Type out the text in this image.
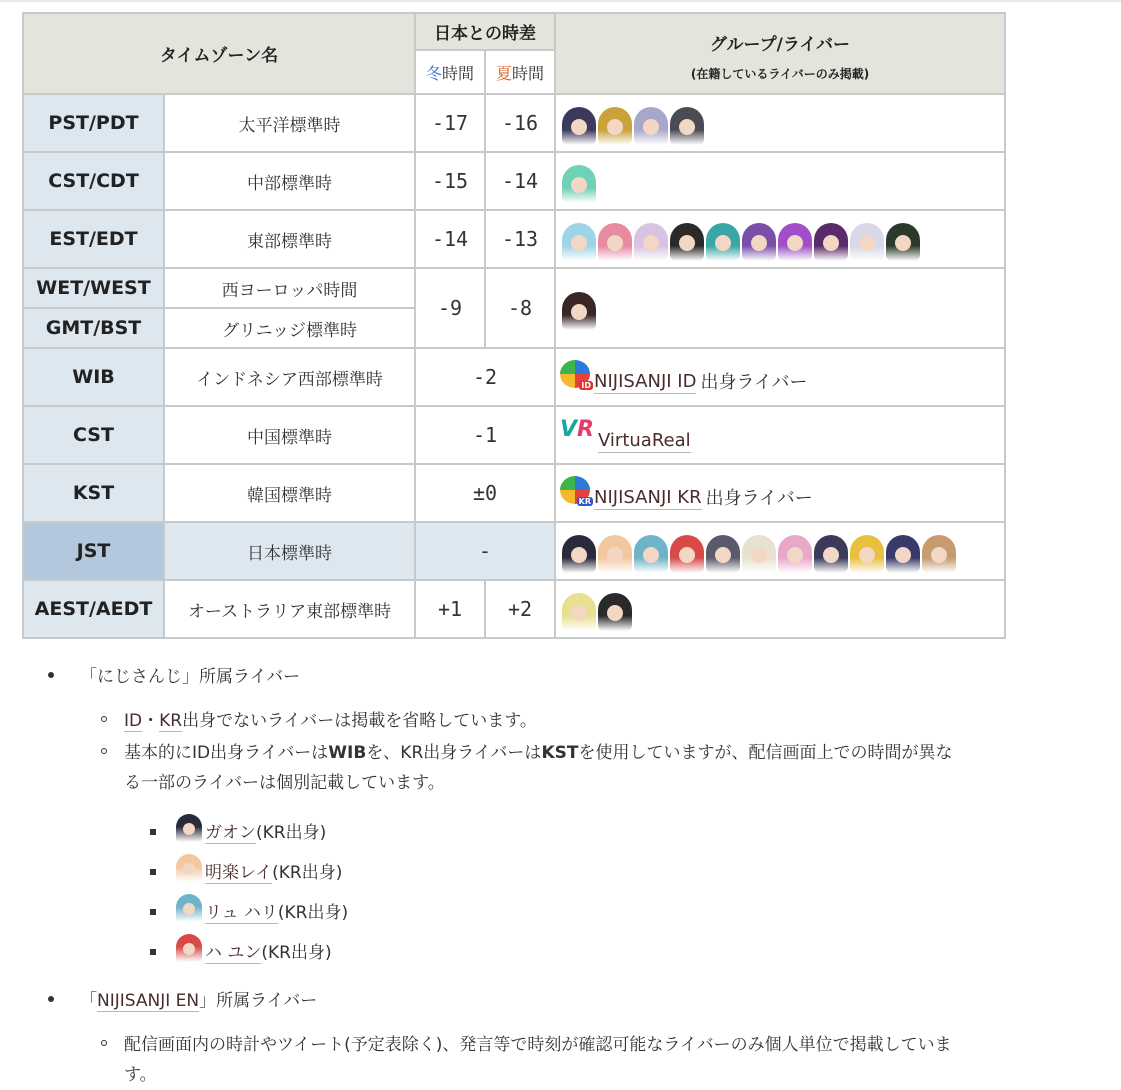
タイムゾーン名		日本との時差		グループ/ライバー
(在籍しているライバーのみ掲載)

		冬時間	夏時間	
PST/PDT	太平洋標準時	-17	-16	

CST/CDT	中部標準時	-15	-14	

EST/EDT	東部標準時	-14	-13	

WET/WEST	西ヨーロッパ時間	-9	-8	

GMT/BST	グリニッジ標準時			
WIB	インドネシア西部標準時	-2		ID NIJISANJI ID 出身ライバー

CST	中国標準時	-1		VR VirtuaReal

KST	韓国標準時	±0		KR NIJISANJI KR 出身ライバー

JST	日本標準時	-		

AEST/AEDT	オーストラリア東部標準時	+1	+2	
「にじさんじ」所属ライバー
ID・KR出身でないライバーは掲載を省略しています。
基本的にID出身ライバーはWIBを、KR出身ライバーはKSTを使用していますが、配信画面上での時間が異な
る一部のライバーは個別記載しています。
ガオン(KR出身)
明楽レイ(KR出身)
リュ ハリ(KR出身)
ハ ユン(KR出身)
「NIJISANJI EN」所属ライバー
配信画面内の時計やツイート(予定表除く)、発言等で時刻が確認可能なライバーのみ個人単位で掲載していま
す。
